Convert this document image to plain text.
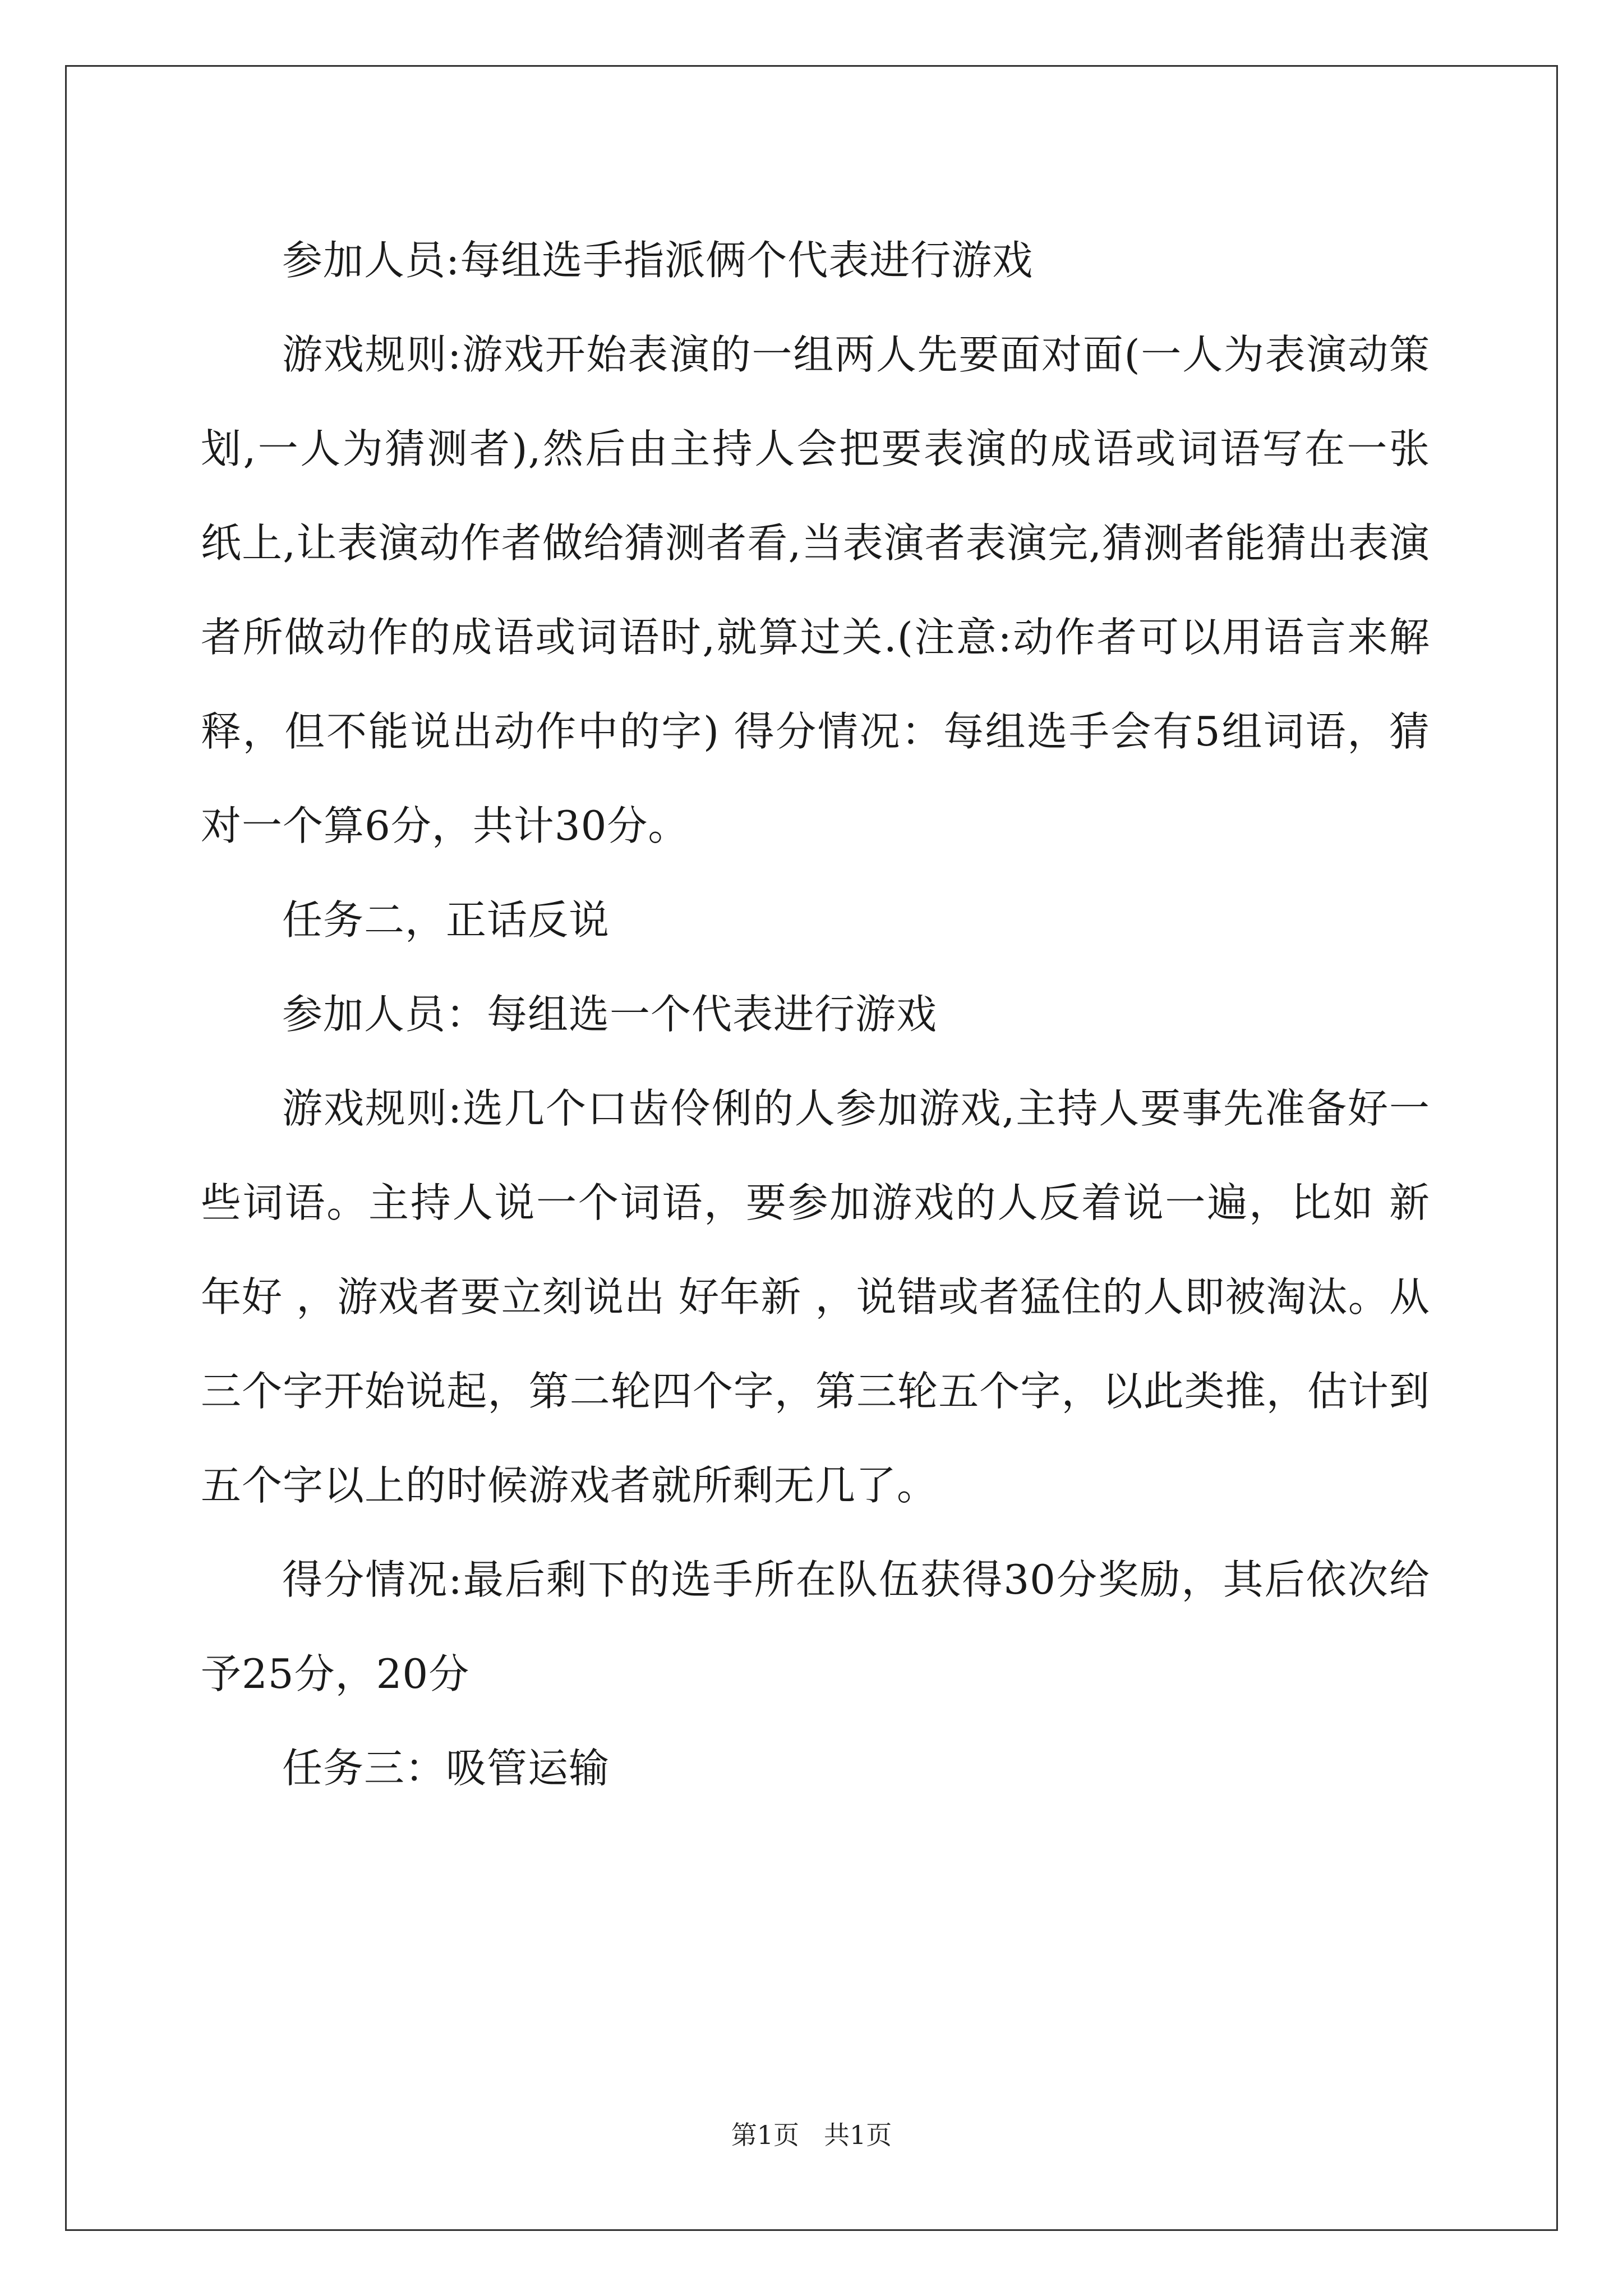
参加人员:每组选手指派俩个代表进行游戏

游戏规则:游戏开始表演的一组两人先要面对面(一人为表演动策划,一人为猜测者),然后由主持人会把要表演的成语或词语写在一张纸上,让表演动作者做给猜测者看,当表演者表演完,猜测者能猜出表演者所做动作的成语或词语时,就算过关.(注意:动作者可以用语言来解释，但不能说出动作中的字) 得分情况：每组选手会有5组词语，猜对一个算6分，共计30分。

任务二，正话反说

参加人员：每组选一个代表进行游戏

游戏规则:选几个口齿伶俐的人参加游戏,主持人要事先准备好一些词语。主持人说一个词语，要参加游戏的人反着说一遍，比如 新年好 ，游戏者要立刻说出 好年新 ，说错或者猛住的人即被淘汰。从三个字开始说起，第二轮四个字，第三轮五个字，以此类推，估计到五个字以上的时候游戏者就所剩无几了。

得分情况:最后剩下的选手所在队伍获得30分奖励，其后依次给予25分，20分

任务三：吸管运输

第1页 共1页
